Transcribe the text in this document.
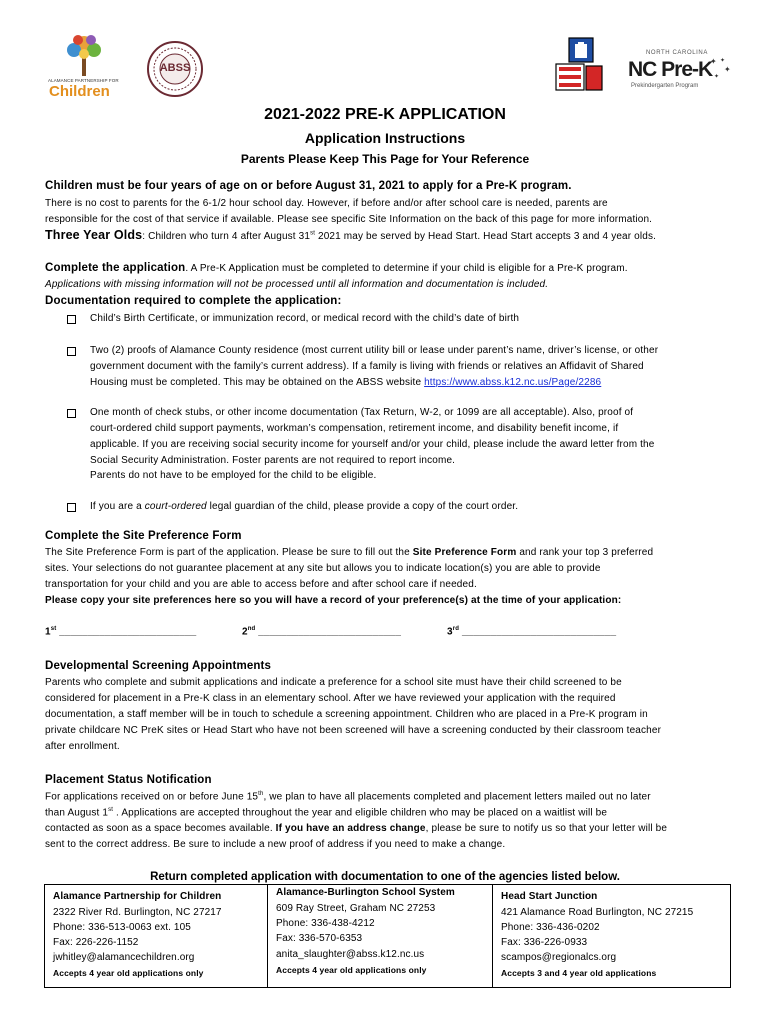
ALAMANCE PARTNERSHIP FOR
Children
ABSS
NORTH CAROLINA
NC Pre-K
Prekindergarten Program
✦ ✦
✦
✦
2021-2022 PRE-K APPLICATION
Application Instructions
Parents Please Keep This Page for Your Reference
Children must be four years of age on or before August 31, 2021 to apply for a Pre-K program.
There is no cost to parents for the 6-1/2 hour school day. However, if before and/or after school care is needed, parents are
responsible for the cost of that service if available. Please see specific Site Information on the back of this page for more information.
Three Year Olds: Children who turn 4 after August 31st 2021 may be served by Head Start. Head Start accepts 3 and 4 year olds.
Complete the application. A Pre-K Application must be completed to determine if your child is eligible for a Pre-K program.
Applications with missing information will not be processed until all information and documentation is included.
Documentation required to complete the application:
Child’s Birth Certificate, or immunization record, or medical record with the child’s date of birth
Two (2) proofs of Alamance County residence (most current utility bill or lease under parent’s name, driver’s license, or other
government document with the family’s current address). If a family is living with friends or relatives an Affidavit of Shared
Housing must be completed. This may be obtained on the ABSS website https://www.abss.k12.nc.us/Page/2286
One month of check stubs, or other income documentation (Tax Return, W-2, or 1099 are all acceptable). Also, proof of
court-ordered child support payments, workman’s compensation, retirement income, and disability benefit income, if
applicable. If you are receiving social security income for yourself and/or your child, please include the award letter from the
Social Security Administration. Foster parents are not required to report income.
Parents do not have to be employed for the child to be eligible.
If you are a court-ordered legal guardian of the child, please provide a copy of the court order.
Complete the Site Preference Form
The Site Preference Form is part of the application. Please be sure to fill out the Site Preference Form and rank your top 3 preferred
sites. Your selections do not guarantee placement at any site but allows you to indicate location(s) you are able to provide
transportation for your child and you are able to access before and after school care if needed.
Please copy your site preferences here so you will have a record of your preference(s) at the time of your application:
1st ________________________	2nd _________________________	3rd ___________________________
Developmental Screening Appointments
Parents who complete and submit applications and indicate a preference for a school site must have their child screened to be
considered for placement in a Pre-K class in an elementary school. After we have reviewed your application with the required
documentation, a staff member will be in touch to schedule a screening appointment. Children who are placed in a Pre-K program in
private childcare NC PreK sites or Head Start who have not been screened will have a screening conducted by their classroom teacher
after enrollment.
Placement Status Notification
For applications received on or before June 15th, we plan to have all placements completed and placement letters mailed out no later
than August 1st . Applications are accepted throughout the year and eligible children who may be placed on a waitlist will be
contacted as soon as a space becomes available. If you have an address change, please be sure to notify us so that your letter will be
sent to the correct address. Be sure to include a new proof of address if you need to make a change.
Return completed application with documentation to one of the agencies listed below.
Alamance Partnership for Children
2322 River Rd. Burlington, NC 27217
Phone: 336-513-0063 ext. 105
Fax: 226-226-1152
jwhitley@alamancechildren.org
Accepts 4 year old applications only
Alamance-Burlington School System
609 Ray Street, Graham NC 27253
Phone: 336-438-4212
Fax: 336-570-6353
anita_slaughter@abss.k12.nc.us
Accepts 4 year old applications only
Head Start Junction
421 Alamance Road Burlington, NC 27215
Phone: 336-436-0202
Fax: 336-226-0933
scampos@regionalcs.org
Accepts 3 and 4 year old applications
